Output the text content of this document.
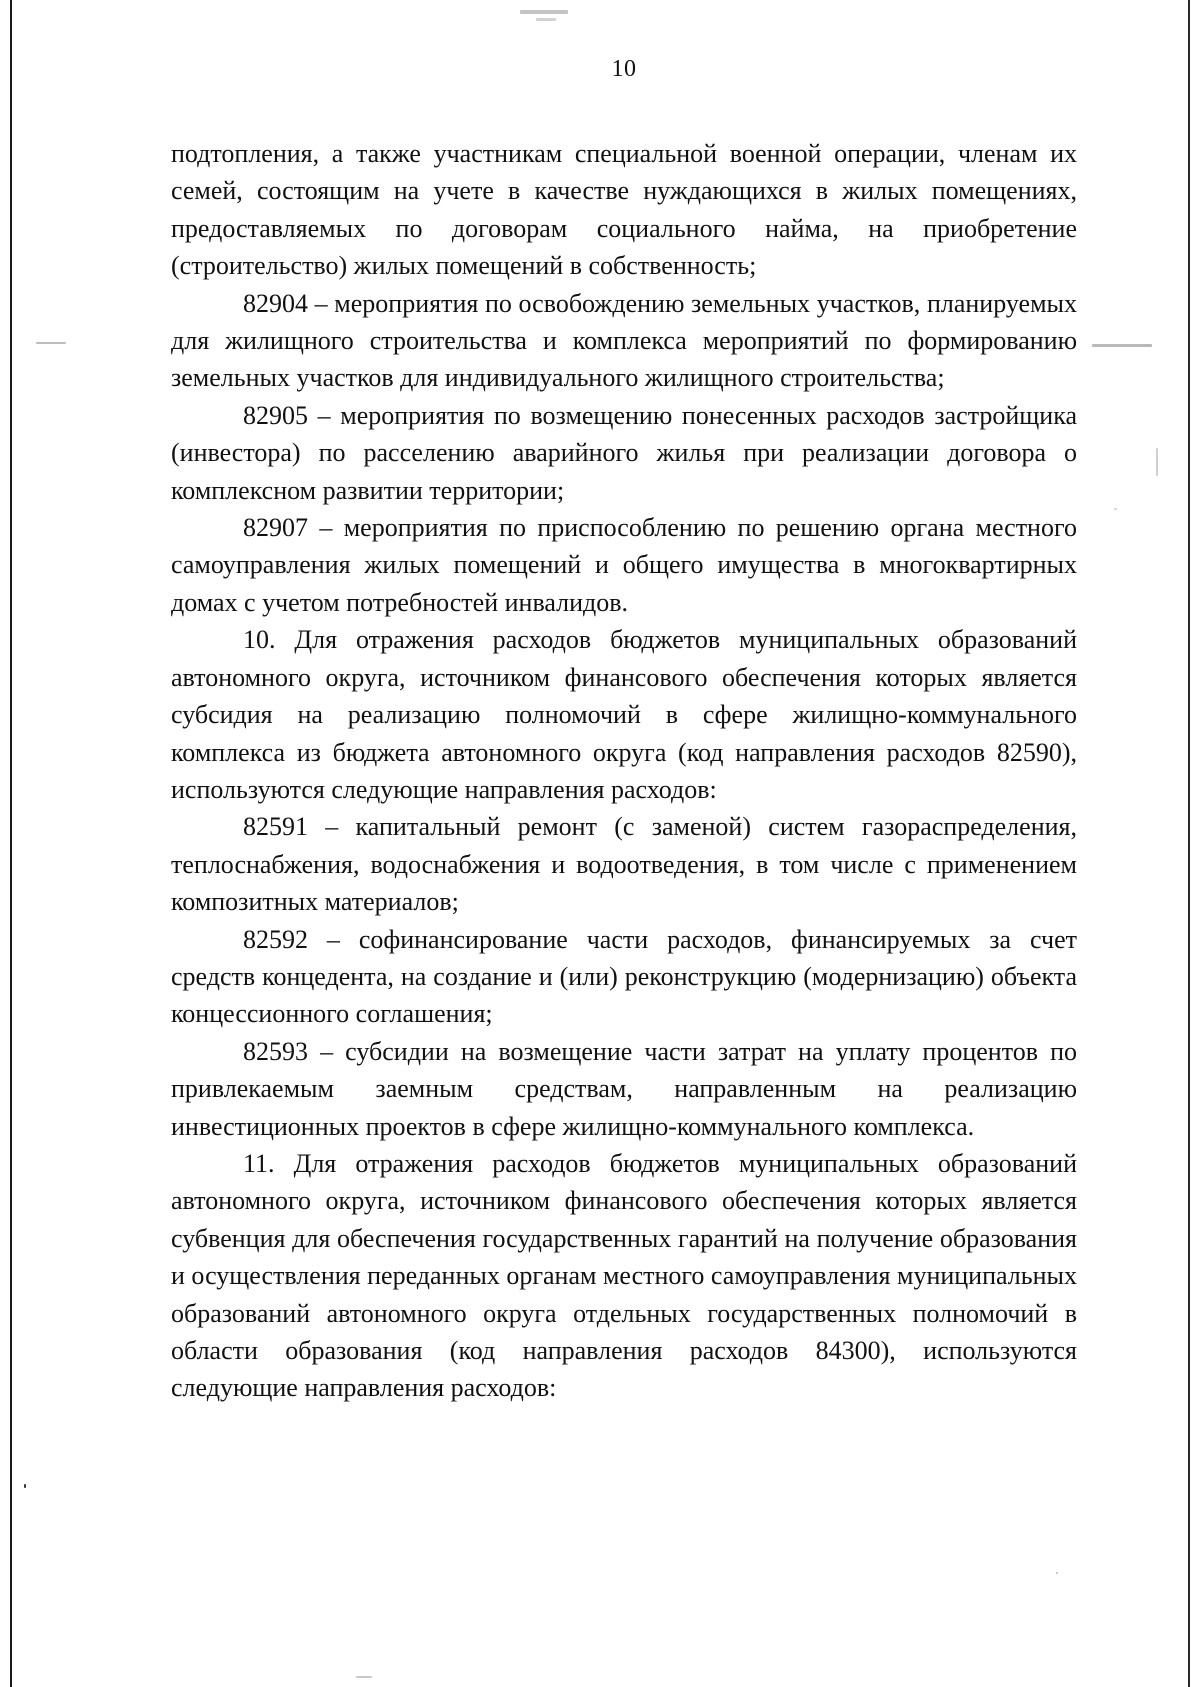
10

подтопления, а также участникам специальной военной операции, членам их семей, состоящим на учете в качестве нуждающихся в жилых помещениях, предоставляемых по договорам социального найма, на приобретение (строительство) жилых помещений в собственность;

82904 – мероприятия по освобождению земельных участков, планируемых для жилищного строительства и комплекса мероприятий по формированию земельных участков для индивидуального жилищного строительства;

82905 – мероприятия по возмещению понесенных расходов застройщика (инвестора) по расселению аварийного жилья при реализации договора о комплексном развитии территории;

82907 – мероприятия по приспособлению по решению органа местного самоуправления жилых помещений и общего имущества в многоквартирных домах с учетом потребностей инвалидов.

10. Для отражения расходов бюджетов муниципальных образований автономного округа, источником финансового обеспечения которых является субсидия на реализацию полномочий в сфере жилищно-коммунального комплекса из бюджета автономного округа (код направления расходов 82590), используются следующие направления расходов:

82591 – капитальный ремонт (с заменой) систем газораспределения, теплоснабжения, водоснабжения и водоотведения, в том числе с применением композитных материалов;

82592 – софинансирование части расходов, финансируемых за счет средств концедента, на создание и (или) реконструкцию (модернизацию) объекта концессионного соглашения;

82593 – субсидии на возмещение части затрат на уплату процентов по привлекаемым заемным средствам, направленным на реализацию инвестиционных проектов в сфере жилищно-коммунального комплекса.

11. Для отражения расходов бюджетов муниципальных образований автономного округа, источником финансового обеспечения которых является субвенция для обеспечения государственных гарантий на получение образования и осуществления переданных органам местного самоуправления муниципальных образований автономного округа отдельных государственных полномочий в области образования (код направления расходов 84300), используются следующие направления расходов:
